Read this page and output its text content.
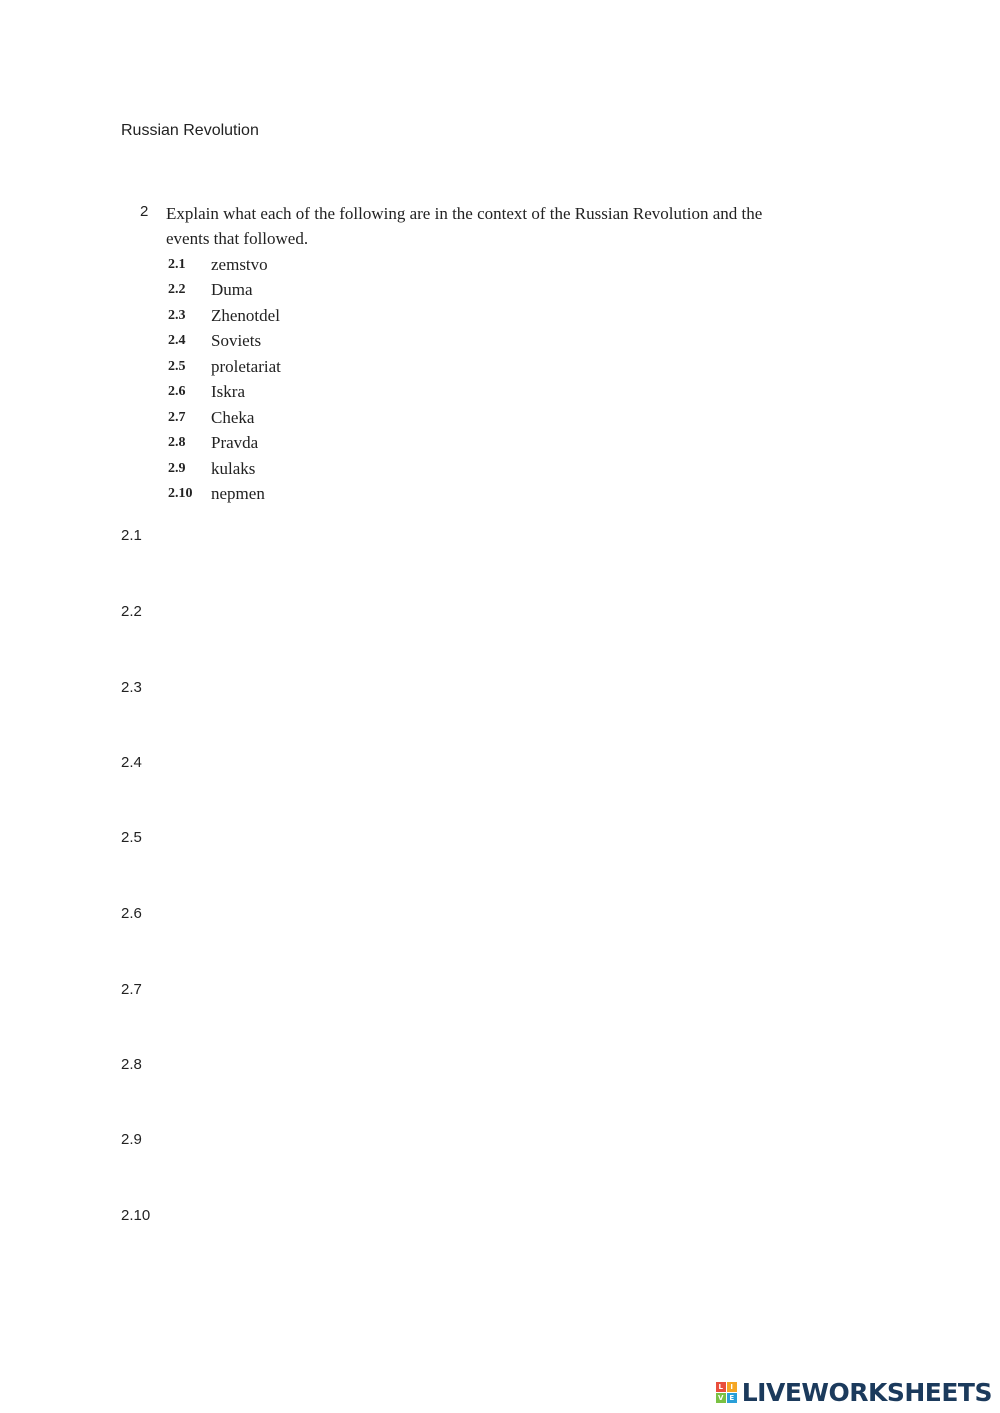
Russian Revolution
2 Explain what each of the following are in the context of the Russian Revolution and the events that followed.
2.1	zemstvo
2.2	Duma
2.3	Zhenotdel
2.4	Soviets
2.5	proletariat
2.6	Iskra
2.7	Cheka
2.8	Pravda
2.9	kulaks
2.10	nepmen
2.1
2.2
2.3
2.4
2.5
2.6
2.7
2.8
2.9
2.10
L	I
V E LIVEWORKSHEETS
